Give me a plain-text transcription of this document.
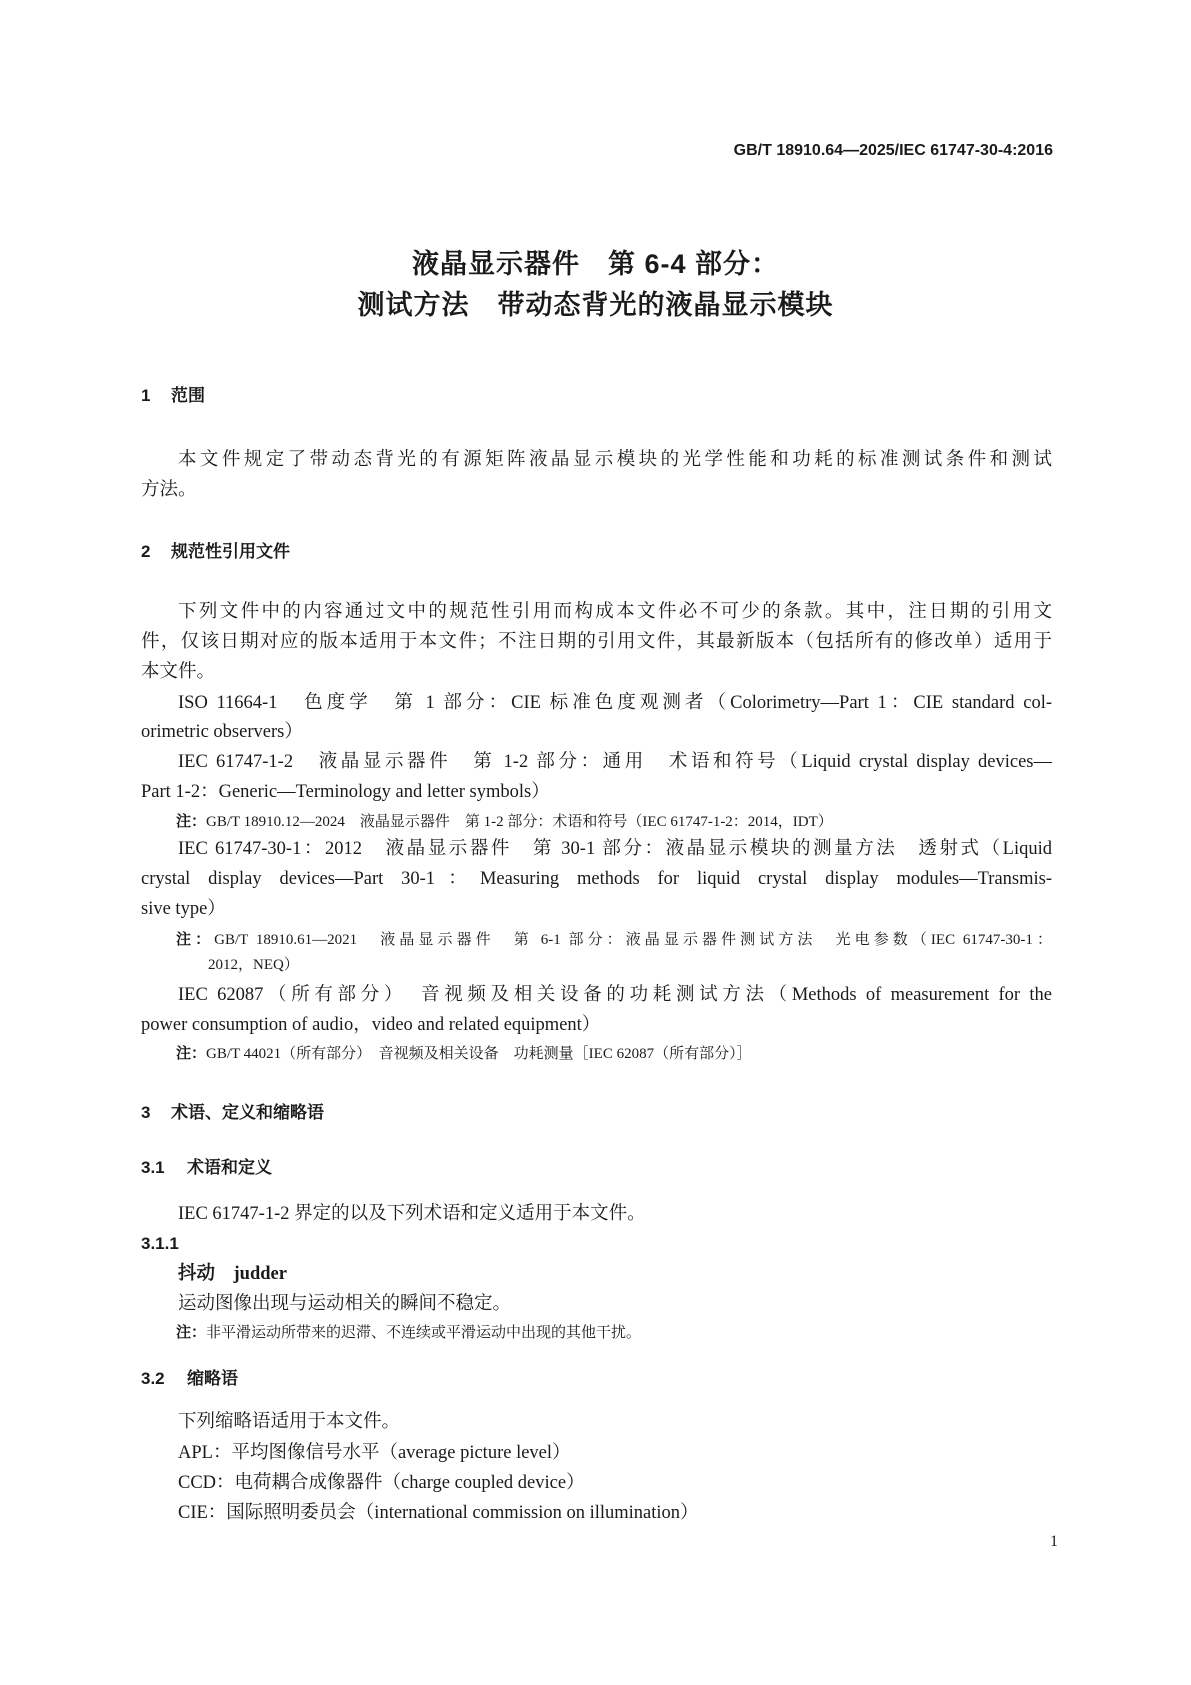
GB/T 18910.64—2025/IEC 61747-30-4:2016
液晶显示器件　第 6-4 部分：
测试方法　带动态背光的液晶显示模块
1 范围
本文件规定了带动态背光的有源矩阵液晶显示模块的光学性能和功耗的标准测试条件和测试
方法。
2 规范性引用文件
下列文件中的内容通过文中的规范性引用而构成本文件必不可少的条款。其中，注日期的引用文
件，仅该日期对应的版本适用于本文件；不注日期的引用文件，其最新版本（包括所有的修改单）适用于
本文件。
ISO 11664-1　色度学　第 1 部分：CIE 标准色度观测者（Colorimetry—Part 1：CIE standard col-
orimetric observers）
IEC 61747-1-2　液晶显示器件　第 1-2 部分：通用　术语和符号（Liquid crystal display devices—
Part 1-2：Generic—Terminology and letter symbols）
注：GB/T 18910.12—2024　液晶显示器件　第 1-2 部分：术语和符号（IEC 61747-1-2：2014，IDT）
IEC 61747-30-1：2012　液晶显示器件　第 30-1 部分：液晶显示模块的测量方法　透射式（Liquid
crystal display devices—Part 30-1：Measuring methods for liquid crystal display modules—Transmis-
sive type）
注：GB/T 18910.61—2021　液晶显示器件　第 6-1 部分：液晶显示器件测试方法　光电参数（IEC 61747-30-1：
2012，NEQ）
IEC 62087（所有部分）　音视频及相关设备的功耗测试方法（Methods of measurement for the
power consumption of audio，video and related equipment）
注：GB/T 44021（所有部分）　音视频及相关设备　功耗测量［IEC 62087（所有部分）］
3 术语、定义和缩略语
3.1 术语和定义
IEC 61747-1-2 界定的以及下列术语和定义适用于本文件。
3.1.1
抖动　judder
运动图像出现与运动相关的瞬间不稳定。
注：非平滑运动所带来的迟滞、不连续或平滑运动中出现的其他干扰。
3.2 缩略语
下列缩略语适用于本文件。
APL：平均图像信号水平（average picture level）
CCD：电荷耦合成像器件（charge coupled device）
CIE：国际照明委员会（international commission on illumination）
1
